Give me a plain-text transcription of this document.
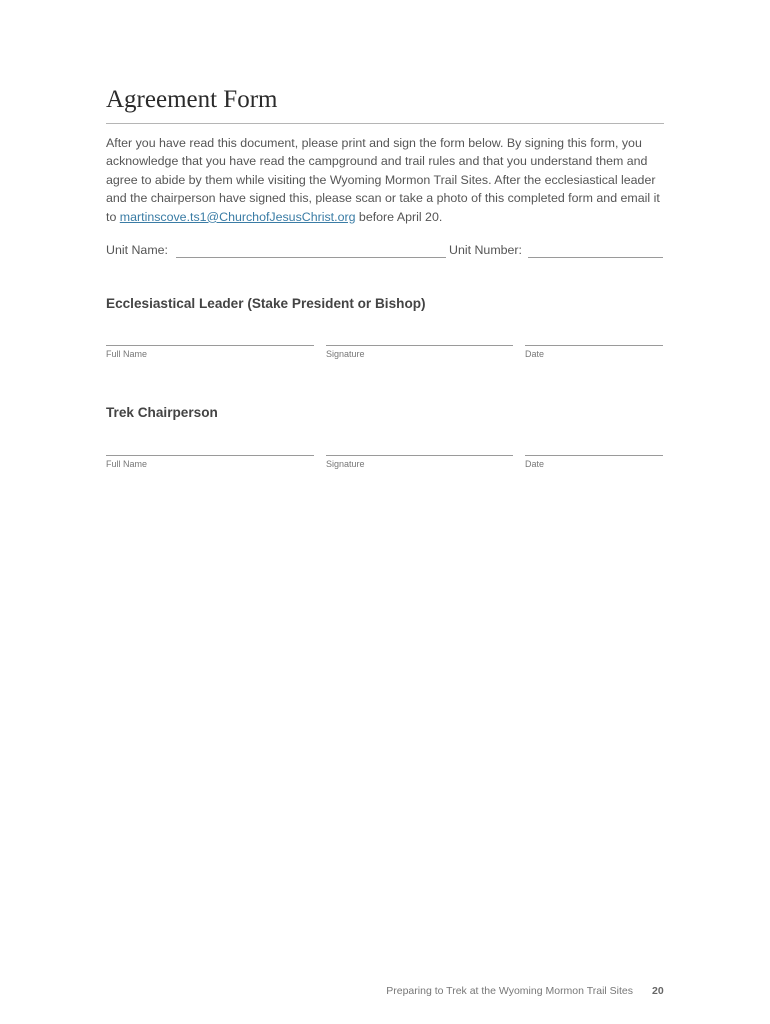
Agreement Form

After you have read this document, please print and sign the form below. By signing this form, you acknowledge that you have read the campground and trail rules and that you understand them and agree to abide by them while visiting the Wyoming Mormon Trail Sites. After the ecclesiastical leader and the chairperson have signed this, please scan or take a photo of this completed form and email it to martinscove.ts1@ChurchofJesusChrist.org before April 20.

Unit Name:	Unit Number:
Ecclesiastical Leader (Stake President or Bishop)
Full Name	Signature	Date
Trek Chairperson
Full Name	Signature	Date
Preparing to Trek at the Wyoming Mormon Trail Sites 20
